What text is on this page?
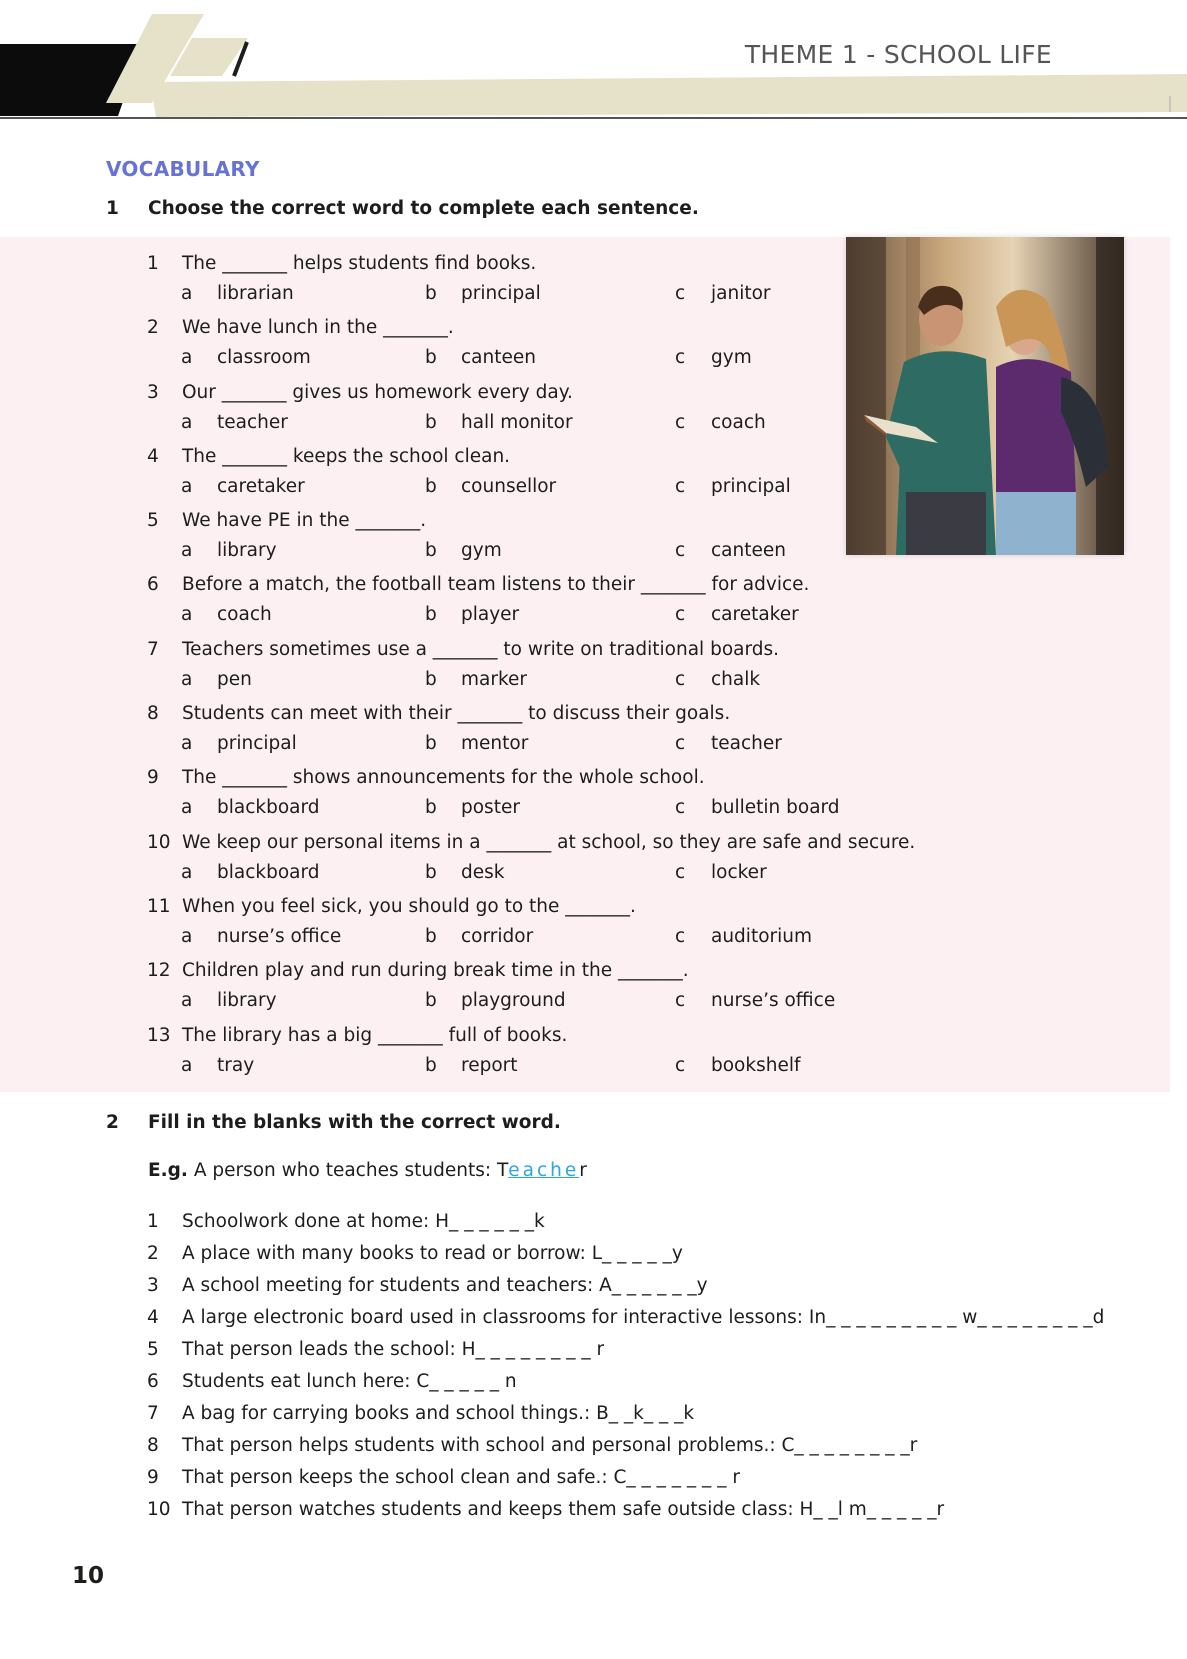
THEME 1 - SCHOOL LIFE
VOCABULARY
1 Choose the correct word to complete each sentence.
1 The _______ helps students find books.
a librarian	b principal	c janitor
2 We have lunch in the _______.
a classroom	b canteen	c gym
3 Our _______ gives us homework every day.
a teacher	b hall monitor	c coach
4 The _______ keeps the school clean.
a caretaker	b counsellor	c principal
5 We have PE in the _______.
a library	b gym	c canteen
6 Before a match, the football team listens to their _______ for advice.
a coach	b player	c caretaker
7 Teachers sometimes use a _______ to write on traditional boards.
a pen	b marker	c chalk
8 Students can meet with their _______ to discuss their goals.
a principal	b mentor	c teacher
9 The _______ shows announcements for the whole school.
a blackboard	b poster	c bulletin board
10 We keep our personal items in a _______ at school, so they are safe and secure.
a blackboard	b desk	c locker
11 When you feel sick, you should go to the _______.
a nurse’s office	b corridor	c auditorium
12 Children play and run during break time in the _______.
a library	b playground	c nurse’s office
13 The library has a big _______ full of books.
a tray	b report	c bookshelf
2 Fill in the blanks with the correct word.
E.g. A person who teaches students: Teacher
1 Schoolwork done at home: H_ _ _ _ _ _k
2 A place with many books to read or borrow: L_ _ _ _ _y
3 A school meeting for students and teachers: A_ _ _ _ _ _y
4 A large electronic board used in classrooms for interactive lessons: In_ _ _ _ _ _ _ _ _ w_ _ _ _ _ _ _ _d
5 That person leads the school: H_ _ _ _ _ _ _ _ r
6 Students eat lunch here: C_ _ _ _ _ n
7 A bag for carrying books and school things.: B_ _k_ _ _k
8 That person helps students with school and personal problems.: C_ _ _ _ _ _ _ _r
9 That person keeps the school clean and safe.: C_ _ _ _ _ _ _ r
10 That person watches students and keeps them safe outside class: H_ _l m_ _ _ _ _r
10
